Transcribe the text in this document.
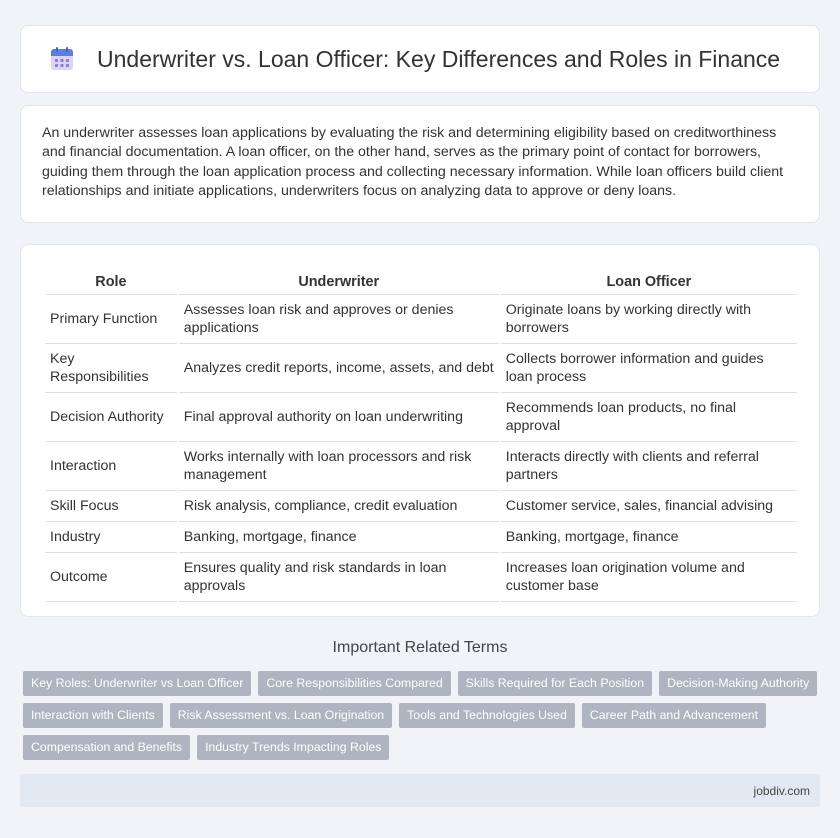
Underwriter vs. Loan Officer: Key Differences and Roles in Finance

An underwriter assesses loan applications by evaluating the risk and determining eligibility based on creditworthiness and financial documentation. A loan officer, on the other hand, serves as the primary point of contact for borrowers, guiding them through the loan application process and collecting necessary information. While loan officers build client relationships and initiate applications, underwriters focus on analyzing data to approve or deny loans.

Role	Underwriter	Loan Officer
Primary Function	Assesses loan risk and approves or denies applications	Originate loans by working directly with borrowers
Key Responsibilities	Analyzes credit reports, income, assets, and debt	Collects borrower information and guides loan process
Decision Authority	Final approval authority on loan underwriting	Recommends loan products, no final approval
Interaction	Works internally with loan processors and risk management	Interacts directly with clients and referral partners
Skill Focus	Risk analysis, compliance, credit evaluation	Customer service, sales, financial advising
Industry	Banking, mortgage, finance	Banking, mortgage, finance
Outcome	Ensures quality and risk standards in loan approvals	Increases loan origination volume and customer base
Important Related Terms
Key Roles: Underwriter vs Loan Officer	Core Responsibilities Compared	Skills Required for Each Position	Decision-Making Authority
Interaction with Clients	Risk Assessment vs. Loan Origination	Tools and Technologies Used	Career Path and Advancement
Compensation and Benefits	Industry Trends Impacting Roles
jobdiv.com
